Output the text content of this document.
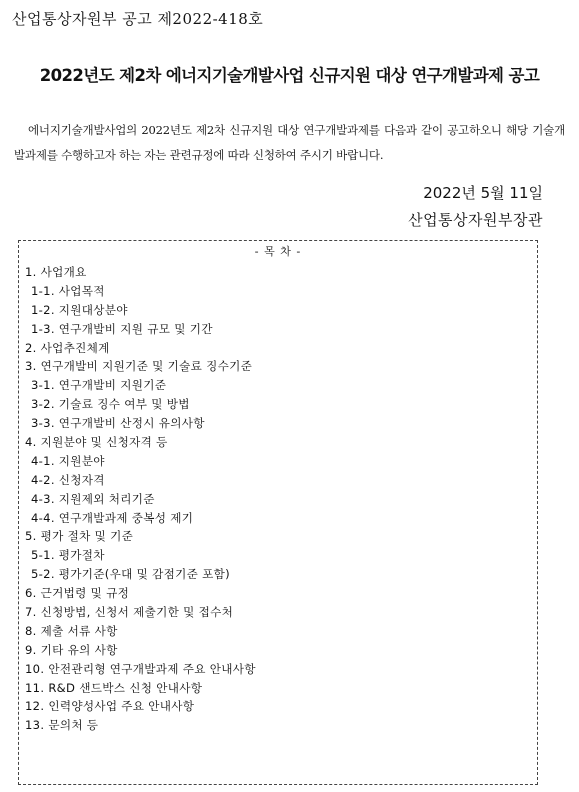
산업통상자원부 공고 제2022-418호
2022년도 제2차 에너지기술개발사업 신규지원 대상 연구개발과제 공고
에너지기술개발사업의 2022년도 제2차 신규지원 대상 연구개발과제를 다음과 같이 공고하오니 해당 기술개발과제를 수행하고자 하는 자는 관련규정에 따라 신청하여 주시기 바랍니다.
2022년 5월 11일
산업통상자원부장관
- 목 차 -
1. 사업개요
1-1. 사업목적
1-2. 지원대상분야
1-3. 연구개발비 지원 규모 및 기간
2. 사업추진체계
3. 연구개발비 지원기준 및 기술료 징수기준
3-1. 연구개발비 지원기준
3-2. 기술료 징수 여부 및 방법
3-3. 연구개발비 산정시 유의사항
4. 지원분야 및 신청자격 등
4-1. 지원분야
4-2. 신청자격
4-3. 지원제외 처리기준
4-4. 연구개발과제 중복성 제기
5. 평가 절차 및 기준
5-1. 평가절차
5-2. 평가기준(우대 및 감점기준 포함)
6. 근거법령 및 규정
7. 신청방법, 신청서 제출기한 및 접수처
8. 제출 서류 사항
9. 기타 유의 사항
10. 안전관리형 연구개발과제 주요 안내사항
11. R&D 샌드박스 신청 안내사항
12. 인력양성사업 주요 안내사항
13. 문의처 등
